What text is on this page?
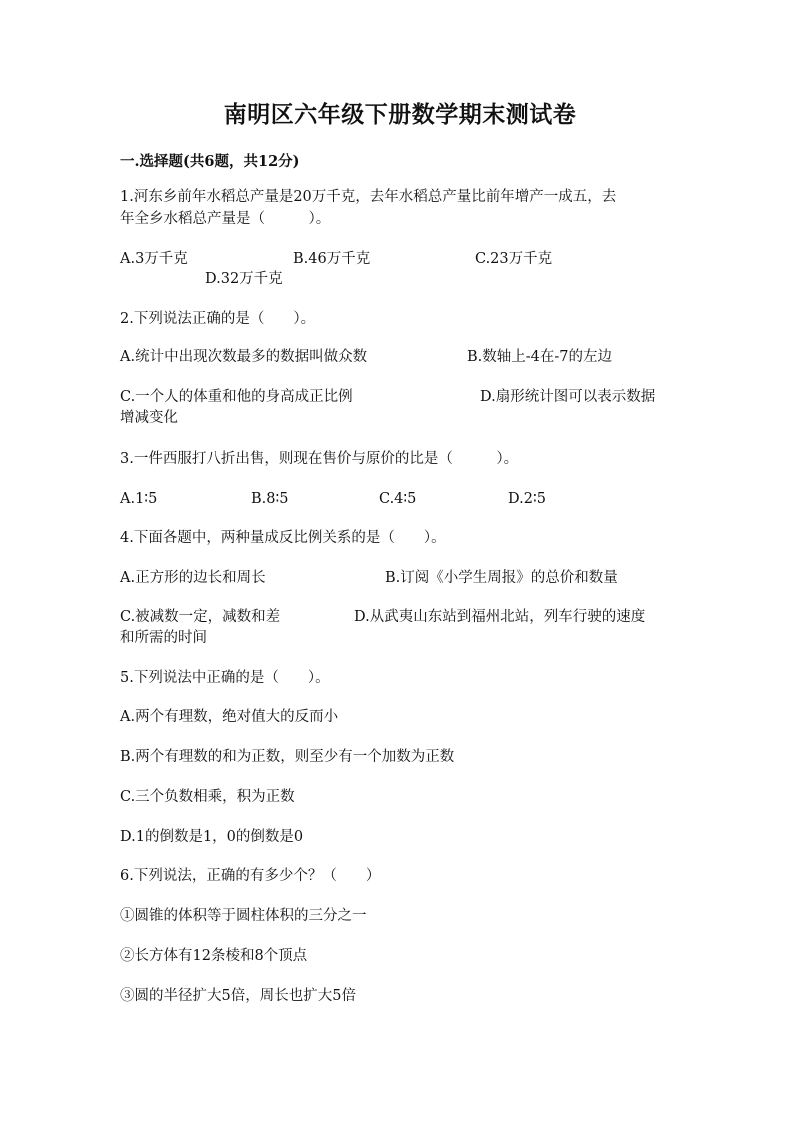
南明区六年级下册数学期末测试卷
一.选择题(共6题，共12分)
1.河东乡前年水稻总产量是20万千克，去年水稻总产量比前年增产一成五，去
年全乡水稻总产量是（　　　）。
A.3万千克	B.46万千克	C.23万千克
D.32万千克
2.下列说法正确的是（　　）。
A.统计中出现次数最多的数据叫做众数	B.数轴上-4在-7的左边
C.一个人的体重和他的身高成正比例	D.扇形统计图可以表示数据
增减变化
3.一件西服打八折出售，则现在售价与原价的比是（　　　）。
A.1∶5	B.8∶5	C.4∶5	D.2∶5
4.下面各题中，两种量成反比例关系的是（　　）。
A.正方形的边长和周长	B.订阅《小学生周报》的总价和数量
C.被减数一定，减数和差	D.从武夷山东站到福州北站，列车行驶的速度
和所需的时间
5.下列说法中正确的是（　　）。
A.两个有理数，绝对值大的反而小
B.两个有理数的和为正数，则至少有一个加数为正数
C.三个负数相乘，积为正数
D.1的倒数是1，0的倒数是0
6.下列说法，正确的有多少个？（　　）
①圆锥的体积等于圆柱体积的三分之一
②长方体有12条棱和8个顶点
③圆的半径扩大5倍，周长也扩大5倍
